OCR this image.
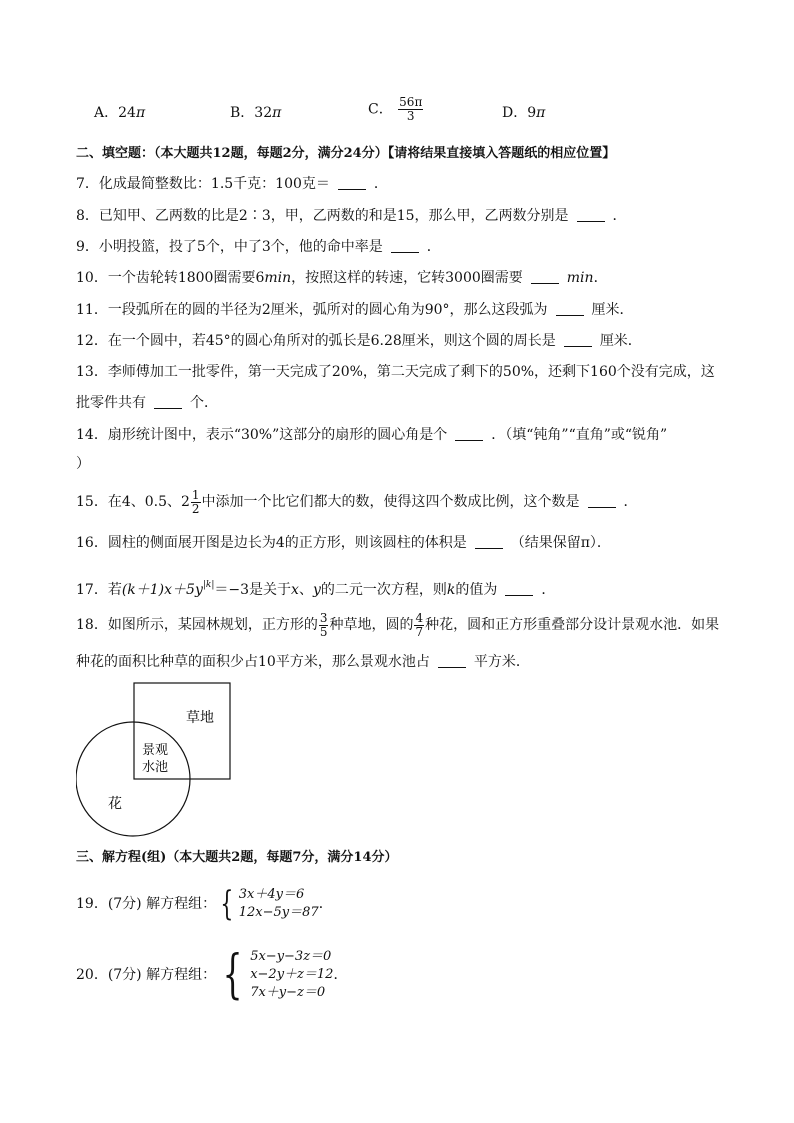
A．24π	B．32π	C． $\frac{56\pi}{3}$	D．9π
二、填空题：（本大题共12题，每题2分，满分24分）【请将结果直接填入答题纸的相应位置】
7．化成最简整数比：1.5千克：100克＝	．
8．已知甲、乙两数的比是2∶3，甲，乙两数的和是15，那么甲，乙两数分别是	．
9．小明投篮，投了5个，中了3个，他的命中率是	．
10．一个齿轮转1800圈需要6min，按照这样的转速，它转3000圈需要	min．
11．一段弧所在的圆的半径为2厘米，弧所对的圆心角为90°，那么这段弧为	厘米．
12．在一个圆中，若45°的圆心角所对的弧长是6.28厘米，则这个圆的周长是	厘米．
13．李师傅加工一批零件，第一天完成了20%，第二天完成了剩下的50%，还剩下160个没有完成，这
批零件共有	个．
14．扇形统计图中，表示“30%”这部分的扇形的圆心角是个	．（填“钝角”“直角”或“锐角”
）
15．在4、0.5、$2 \frac{1}{2}$ 中添加一个比它们都大的数，使得这四个数成比例，这个数是	．
16．圆柱的侧面展开图是边长为4的正方形，则该圆柱的体积是	（结果保留π）．
17．若$(k+1)x+5y^{|k|}=-3$是关于x、y的二元一次方程，则k的值为	．
18．如图所示，某园林规划，正方形的 $\frac{3}{5}$ 种草地，圆的 $\frac{4}{7}$ 种花，圆和正方形重叠部分设计景观水池．如果
种花的面积比种草的面积少占10平方米，那么景观水池占	平方米．
草地
景观
水池
花
三、解方程(组)（本大题共2题，每题7分，满分14分）
19．(7分) 解方程组： { 3x＋4y＝6
12x−5y＝87
．
20．(7分) 解方程组： { 5x−y−3z＝0
x−2y＋z＝12
7x＋y−z＝0
．
